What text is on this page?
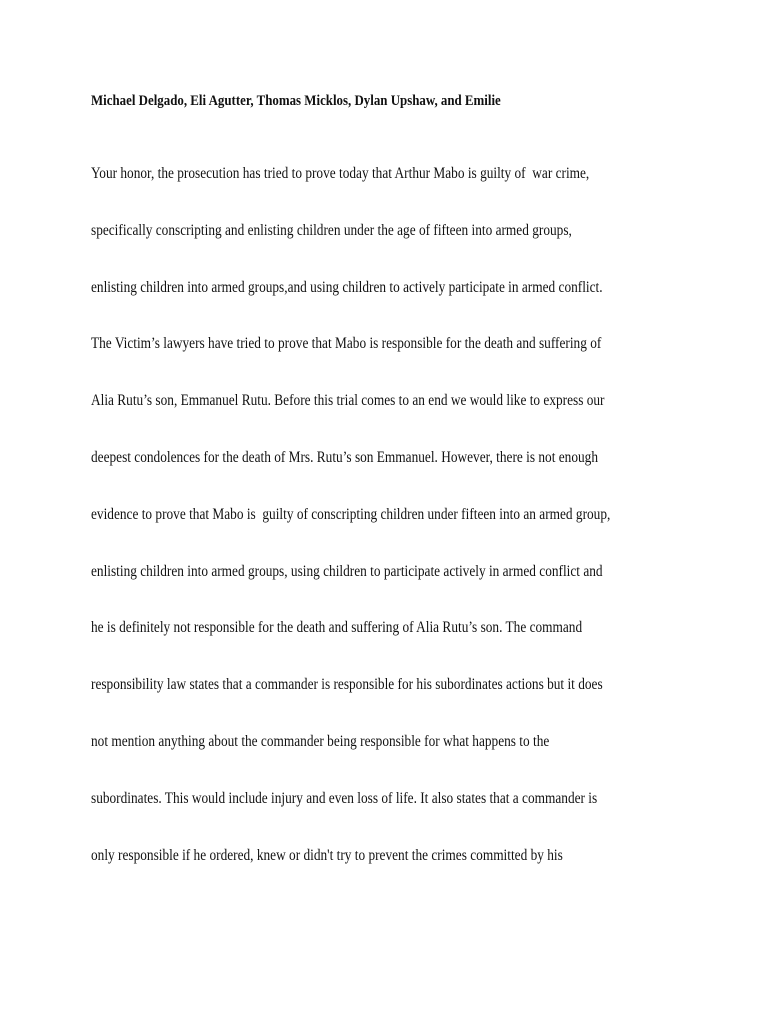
Michael Delgado, Eli Agutter, Thomas Micklos, Dylan Upshaw, and Emilie
Your honor, the prosecution has tried to prove today that Arthur Mabo is guilty of  war crime,
specifically conscripting and enlisting children under the age of fifteen into armed groups,
enlisting children into armed groups,and using children to actively participate in armed conflict.
The Victim’s lawyers have tried to prove that Mabo is responsible for the death and suffering of
Alia Rutu’s son, Emmanuel Rutu. Before this trial comes to an end we would like to express our
deepest condolences for the death of Mrs. Rutu’s son Emmanuel. However, there is not enough
evidence to prove that Mabo is  guilty of conscripting children under fifteen into an armed group,
enlisting children into armed groups, using children to participate actively in armed conflict and
he is definitely not responsible for the death and suffering of Alia Rutu’s son. The command
responsibility law states that a commander is responsible for his subordinates actions but it does
not mention anything about the commander being responsible for what happens to the
subordinates. This would include injury and even loss of life. It also states that a commander is
only responsible if he ordered, knew or didn't try to prevent the crimes committed by his
